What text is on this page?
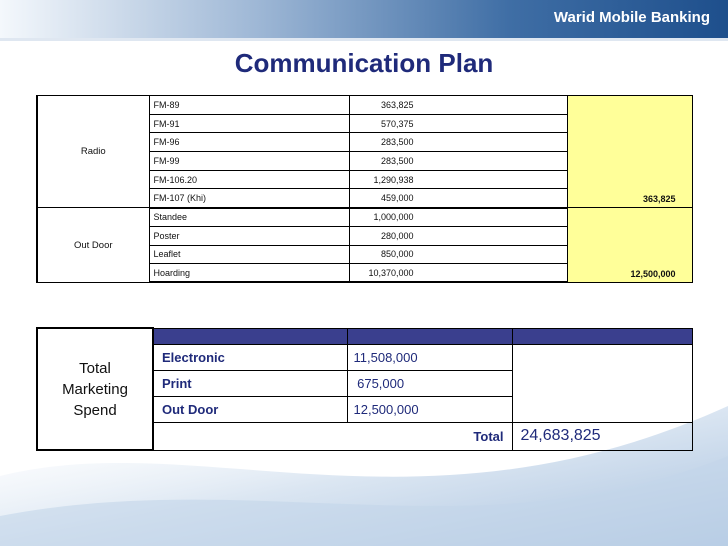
Warid Mobile Banking
Communication Plan
Radio	FM-89	363,825	363,825
	FM-91	570,375	
	FM-96	283,500	
	FM-99	283,500	
	FM-106.20	1,290,938	
	FM-107 (Khi)	459,000	
Out Door	Standee	1,000,000	12,500,000
	Poster	280,000	
	Leaflet	850,000	
	Hoarding	10,370,000	
Total
Marketing
Spend			

	Electronic	11,508,000	
	Print	675,000	
	Out Door	12,500,000	
	Total		24,683,825
